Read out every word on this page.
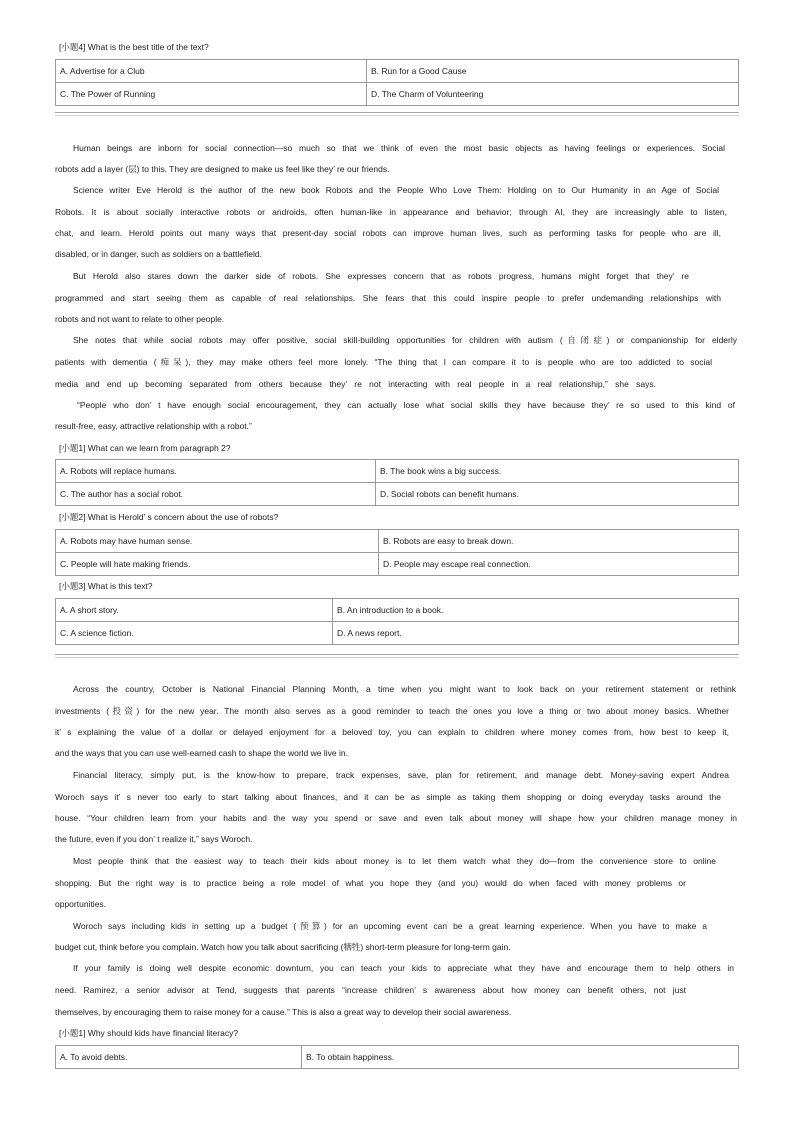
[小题4] What is the best title of the text?
A. Advertise for a Club	B. Run for a Good Cause
C. The Power of Running	D. The Charm of Volunteering
Human beings are inborn for social connection—so much so that we think of even the most basic objects as having feelings or experiences. Social
robots add a layer (层) to this. They are designed to make us feel like they’ re our friends.
Science writer Eve Herold is the author of the new book Robots and the People Who Love Them: Holding on to Our Humanity in an Age of Social
Robots. It is about socially interactive robots or androids, often human-like in appearance and behavior; through AI, they are increasingly able to listen,
chat, and learn. Herold points out many ways that present-day social robots can improve human lives, such as performing tasks for people who are ill,
disabled, or in danger, such as soldiers on a battlefield.
But Herold also stares down the darker side of robots. She expresses concern that as robots progress, humans might forget that they’ re
programmed and start seeing them as capable of real relationships. She fears that this could inspire people to prefer undemanding relationships with
robots and not want to relate to other people.
She notes that while social robots may offer positive, social skill-building opportunities for children with autism (自闭症) or companionship for elderly
patients with dementia (痴呆), they may make others feel more lonely. “The thing that I can compare it to is people who are too addicted to social
media and end up becoming separated from others because they’ re not interacting with real people in a real relationship,” she says.
“People who don’ t have enough social encouragement, they can actually lose what social skills they have because they’ re so used to this kind of
result-free, easy, attractive relationship with a robot.”
[小题1] What can we learn from paragraph 2?
A. Robots will replace humans.	B. The book wins a big success.
C. The author has a social robot.	D. Social robots can benefit humans.
[小题2] What is Herold’ s concern about the use of robots?
A. Robots may have human sense.	B. Robots are easy to break down.
C. People will hate making friends.	D. People may escape real connection.
[小题3] What is this text?
A. A short story.	B. An introduction to a book.
C. A science fiction.	D. A news report.
Across the country, October is National Financial Planning Month, a time when you might want to look back on your retirement statement or rethink
investments (投资) for the new year. The month also serves as a good reminder to teach the ones you love a thing or two about money basics. Whether
it’ s explaining the value of a dollar or delayed enjoyment for a beloved toy, you can explain to children where money comes from, how best to keep it,
and the ways that you can use well-earned cash to shape the world we live in.
Financial literacy, simply put, is the know-how to prepare, track expenses, save, plan for retirement, and manage debt. Money-saving expert Andrea
Woroch says it’ s never too early to start talking about finances, and it can be as simple as taking them shopping or doing everyday tasks around the
house. “Your children learn from your habits and the way you spend or save and even talk about money will shape how your children manage money in
the future, even if you don’ t realize it,” says Woroch.
Most people think that the easiest way to teach their kids about money is to let them watch what they do—from the convenience store to online
shopping. But the right way is to practice being a role model of what you hope they (and you) would do when faced with money problems or
opportunities.
Woroch says including kids in setting up a budget (预算) for an upcoming event can be a great learning experience. When you have to make a
budget cut, think before you complain. Watch how you talk about sacrificing (牺牲) short-term pleasure for long-term gain.
If your family is doing well despite economic downturn, you can teach your kids to appreciate what they have and encourage them to help others in
need. Ramirez, a senior advisor at Tend, suggests that parents “increase children’ s awareness about how money can benefit others, not just
themselves, by encouraging them to raise money for a cause.” This is also a great way to develop their social awareness.
[小题1] Why should kids have financial literacy?
A. To avoid debts.	B. To obtain happiness.
